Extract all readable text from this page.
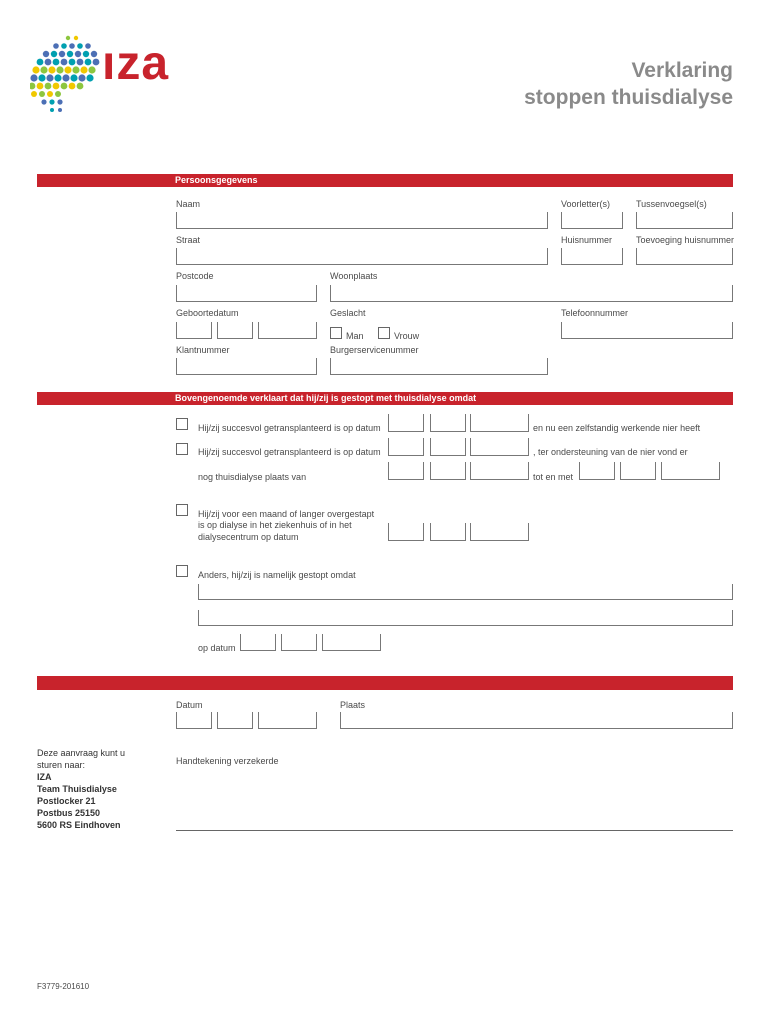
ıza	Verklaring
stoppen thuisdialyse
Persoonsgegevens
Naam	Voorletter(s)	Tussenvoegsel(s)
Straat	Huisnummer	Toevoeging huisnummer
Postcode	Woonplaats
Geboortedatum	Geslacht	Telefoonnummer
Man	Vrouw
Klantnummer	Burgerservicenummer
Bovengenoemde verklaart dat hij/zij is gestopt met thuisdialyse omdat
Hij/zij succesvol getransplanteerd is op datum	en nu een zelfstandig werkende nier heeft
Hij/zij succesvol getransplanteerd is op datum	, ter ondersteuning van de nier vond er
nog thuisdialyse plaats van	tot en met
Hij/zij voor een maand of langer overgestapt
is op dialyse in het ziekenhuis of in het
dialysecentrum op datum
Anders, hij/zij is namelijk gestopt omdat
op datum
Datum	Plaats
Handtekening verzekerde
Deze aanvraag kunt u
sturen naar:
IZA
Team Thuisdialyse
Postlocker 21
Postbus 25150
5600 RS Eindhoven
F3779-201610
